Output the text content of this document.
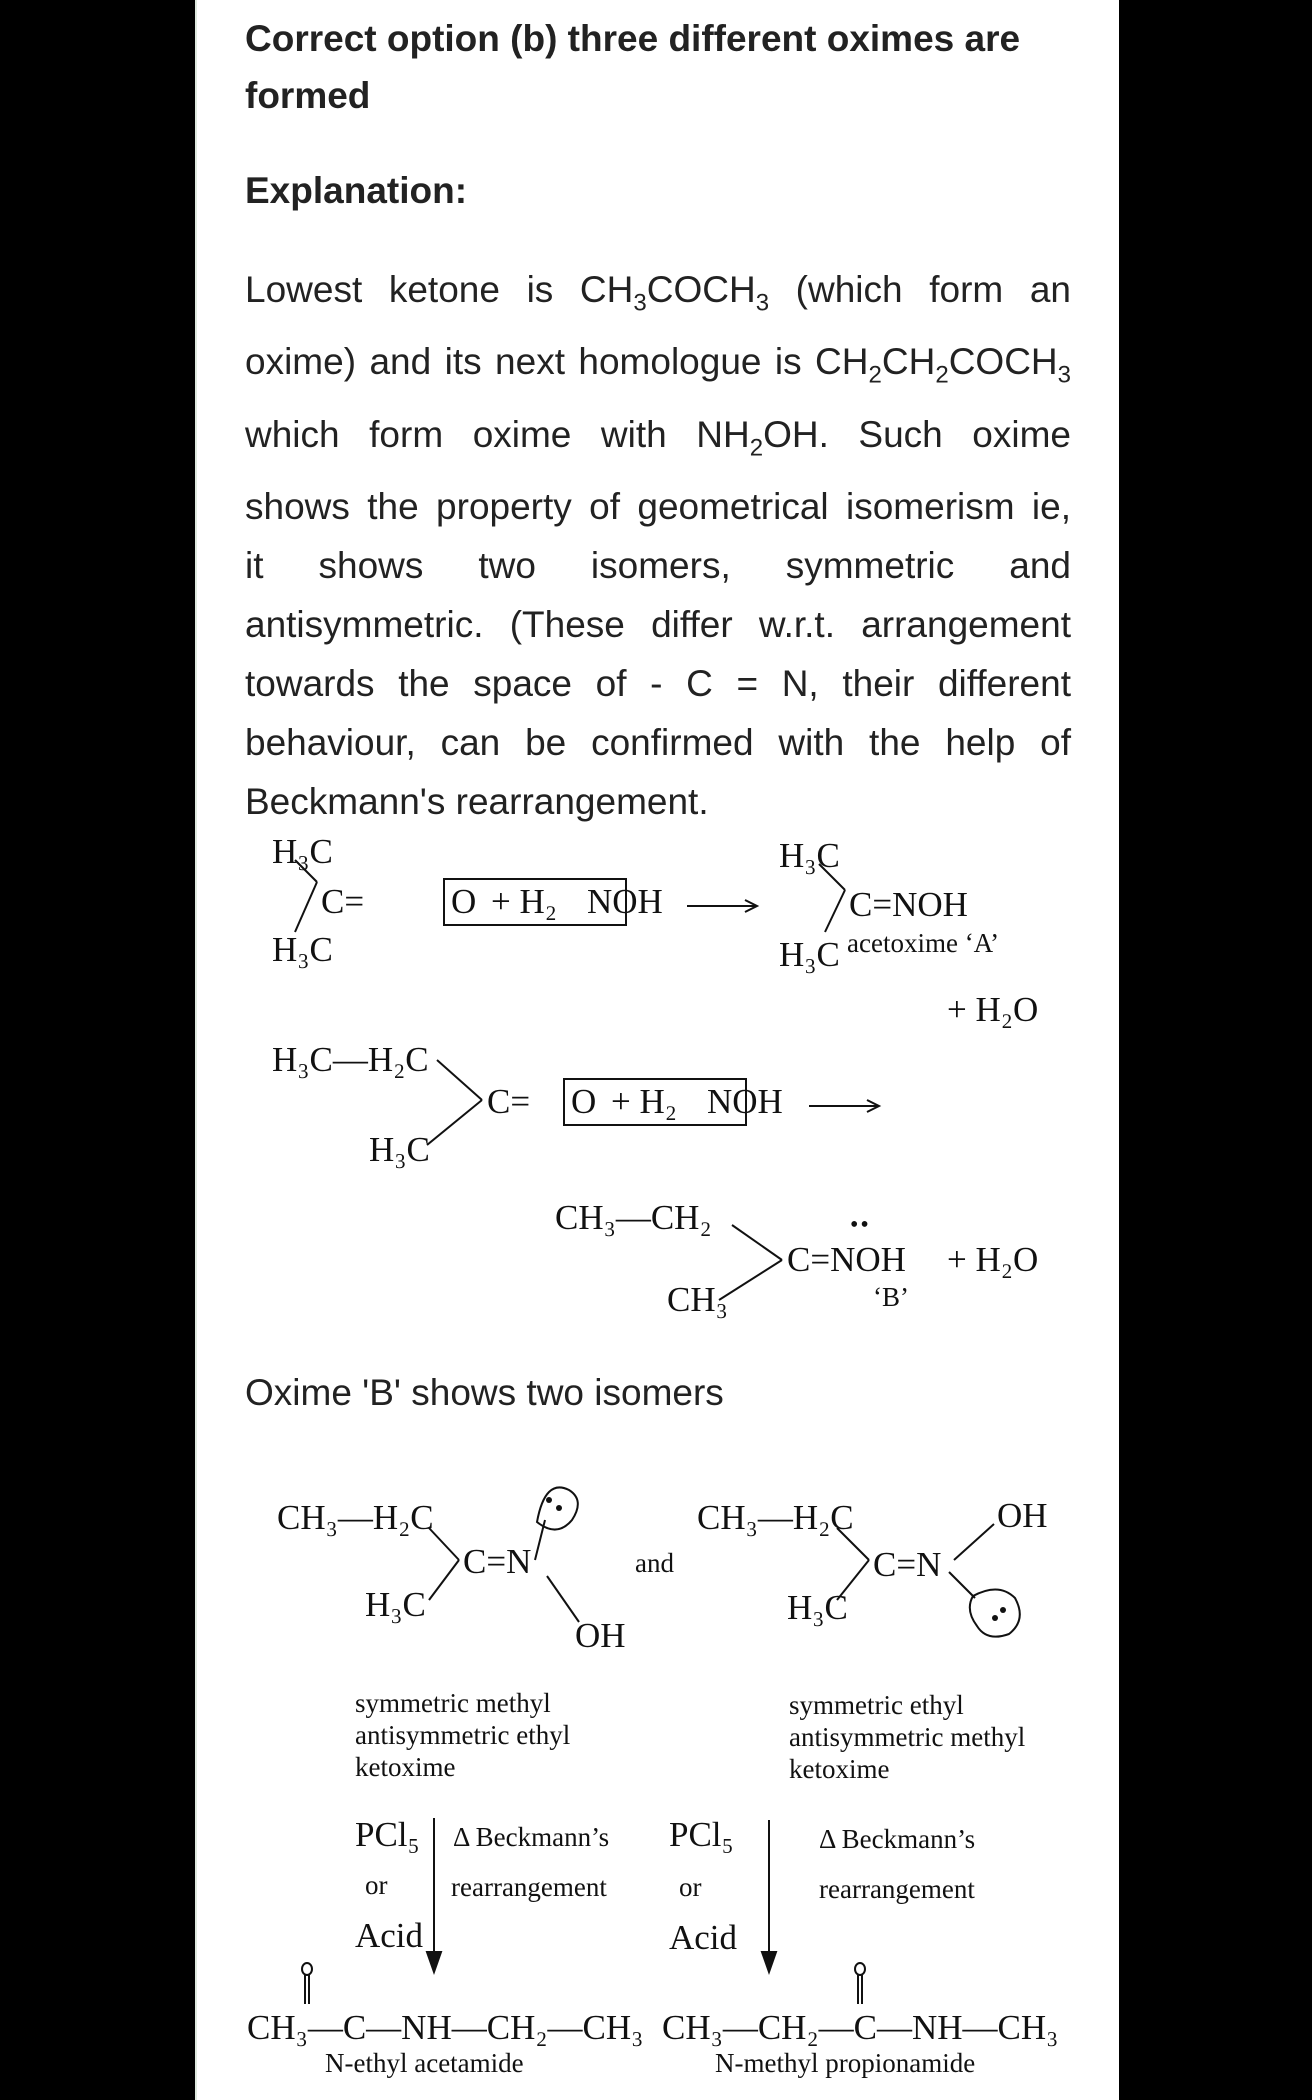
Correct option (b) three different oximes are
formed
Explanation:
Lowest ketone is $CH_3COCH_3$ (which form an
oxime) and its next homologue is $CH_2CH_2COCH_3$
which form oxime with $NH_2OH$. Such oxime
shows the property of geometrical isomerism ie,
it shows two isomers, symmetric and
antisymmetric. (These differ w.r.t. arrangement
towards the space of - C = N, their different
behaviour, can be confirmed with the help of
Beckmann's rearrangement.
H₃C
H₃C
C= O + H₂ NOH
H₃C
H₃C
C=NOH
acetoxime ‘A’
+ H₂O
H₃C—H₂C
H₃C
C= O + H₂ NOH
CH₃—CH₂
CH₃
C=NOH
••
+ H₂O
‘B’
Oxime 'B' shows two isomers
CH₃—H₂C
H₃C
C=N
OH
symmetric methyl
antisymmetric ethyl
ketoxime
and
CH₃—H₂C
H₃C
C=N
OH
symmetric ethyl
antisymmetric methyl
ketoxime
PCl₅
or
Acid
Δ Beckmann’s
rearrangement
PCl₅
or
Acid
Δ Beckmann’s
rearrangement
CH₃—C—NH—CH₂—CH₃
N-ethyl acetamide
CH₃—CH₂—C—NH—CH₃
N-methyl propionamide
